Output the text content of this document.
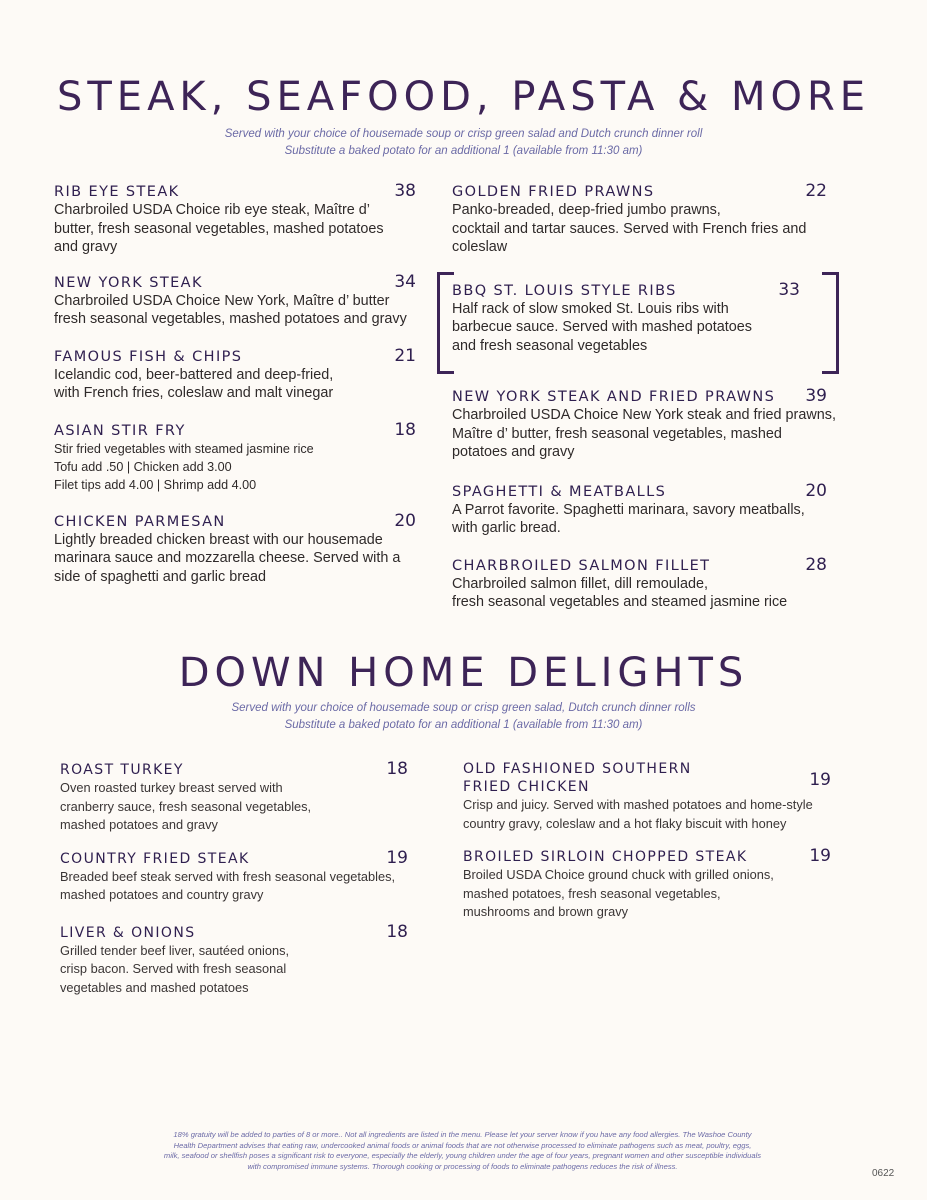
STEAK, SEAFOOD, PASTA & MORE
Served with your choice of housemade soup or crisp green salad and Dutch crunch dinner roll
Substitute a baked potato for an additional 1 (available from 11:30 am)
RIB EYE STEAK	38
Charbroiled USDA Choice rib eye steak, Maître d’
butter, fresh seasonal vegetables, mashed potatoes
and gravy
NEW YORK STEAK	34
Charbroiled USDA Choice New York, Maître d’ butter
fresh seasonal vegetables, mashed potatoes and gravy
FAMOUS FISH & CHIPS	21
Icelandic cod, beer-battered and deep-fried,
with French fries, coleslaw and malt vinegar
ASIAN STIR FRY	18
Stir fried vegetables with steamed jasmine rice
Tofu add .50 | Chicken add 3.00
Filet tips add 4.00 | Shrimp add 4.00
CHICKEN PARMESAN	20
Lightly breaded chicken breast with our housemade
marinara sauce and mozzarella cheese. Served with a
side of spaghetti and garlic bread
GOLDEN FRIED PRAWNS	22
Panko-breaded, deep-fried jumbo prawns,
cocktail and tartar sauces. Served with French fries and
coleslaw
BBQ ST. LOUIS STYLE RIBS	33
Half rack of slow smoked St. Louis ribs with
barbecue sauce. Served with mashed potatoes
and fresh seasonal vegetables
NEW YORK STEAK AND FRIED PRAWNS 39
Charbroiled USDA Choice New York steak and fried prawns,
Maître d’ butter, fresh seasonal vegetables, mashed
potatoes and gravy
SPAGHETTI & MEATBALLS	20
A Parrot favorite. Spaghetti marinara, savory meatballs,
with garlic bread.
CHARBROILED SALMON FILLET	28
Charbroiled salmon fillet, dill remoulade,
fresh seasonal vegetables and steamed jasmine rice
DOWN HOME DELIGHTS
Served with your choice of housemade soup or crisp green salad, Dutch crunch dinner rolls
Substitute a baked potato for an additional 1 (available from 11:30 am)
ROAST TURKEY	18
Oven roasted turkey breast served with
cranberry sauce, fresh seasonal vegetables,
mashed potatoes and gravy
COUNTRY FRIED STEAK	19
Breaded beef steak served with fresh seasonal vegetables,
mashed potatoes and country gravy
LIVER & ONIONS	18
Grilled tender beef liver, sautéed onions,
crisp bacon. Served with fresh seasonal
vegetables and mashed potatoes
OLD FASHIONED SOUTHERN
FRIED CHICKEN	19
Crisp and juicy. Served with mashed potatoes and home-style
country gravy, coleslaw and a hot flaky biscuit with honey
BROILED SIRLOIN CHOPPED STEAK	19
Broiled USDA Choice ground chuck with grilled onions,
mashed potatoes, fresh seasonal vegetables,
mushrooms and brown gravy
18% gratuity will be added to parties of 8 or more.. Not all ingredients are listed in the menu. Please let your server know if you have any food allergies. The Washoe County
Health Department advises that eating raw, undercooked animal foods or animal foods that are not otherwise processed to eliminate pathogens such as meat, poultry, eggs,
milk, seafood or shellfish poses a significant risk to everyone, especially the elderly, young children under the age of four years, pregnant women and other susceptible individuals
with compromised immune systems. Thorough cooking or processing of foods to eliminate pathogens reduces the risk of illness.
0622
